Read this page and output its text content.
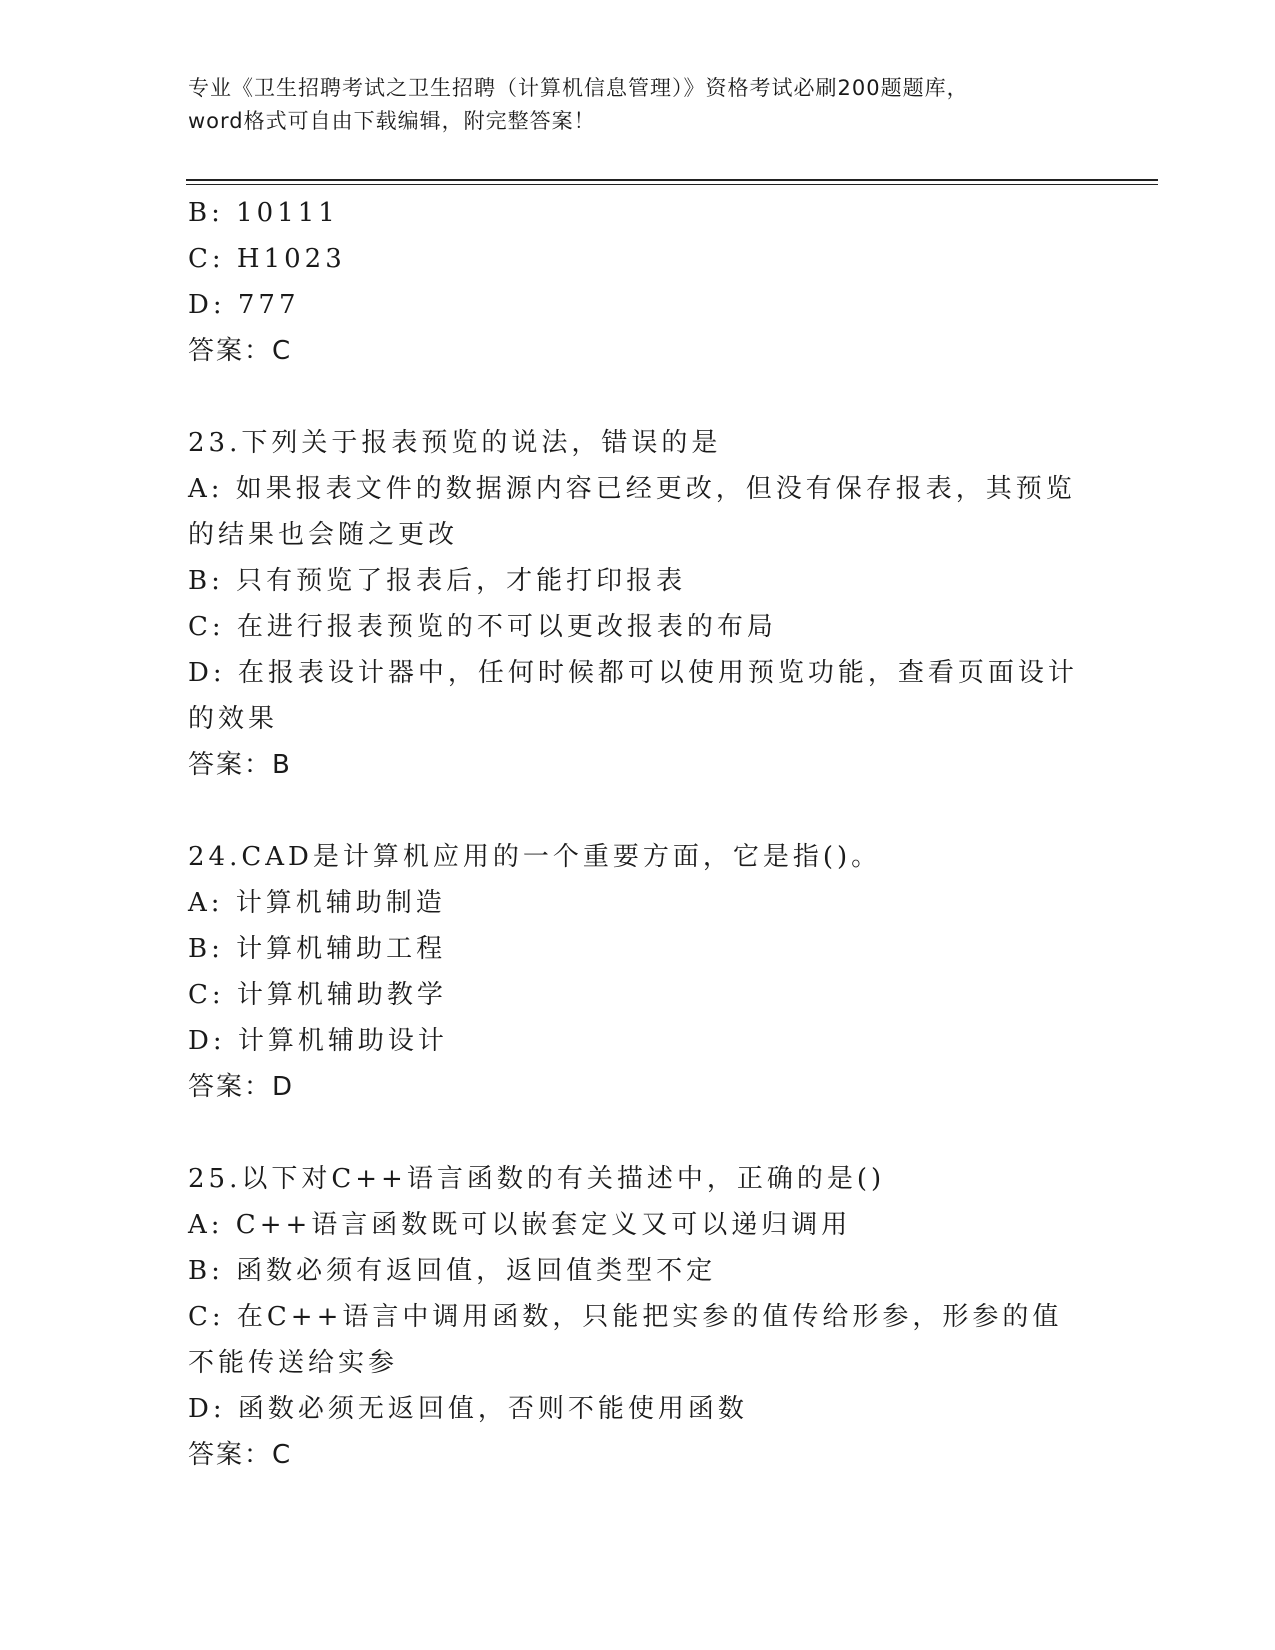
专业《卫生招聘考试之卫生招聘（计算机信息管理）》资格考试必刷200题题库，
word格式可自由下载编辑，附完整答案！
B: 10111
C: H1023
D: 777
答案：C
23.下列关于报表预览的说法，错误的是
A: 如果报表文件的数据源内容已经更改，但没有保存报表，其预览的结果也会随之更改
B: 只有预览了报表后，才能打印报表
C: 在进行报表预览的不可以更改报表的布局
D: 在报表设计器中，任何时候都可以使用预览功能，查看页面设计的效果
答案：B
24.CAD是计算机应用的一个重要方面，它是指()。
A: 计算机辅助制造
B: 计算机辅助工程
C: 计算机辅助教学
D: 计算机辅助设计
答案：D
25.以下对C++语言函数的有关描述中，正确的是()
A: C++语言函数既可以嵌套定义又可以递归调用
B: 函数必须有返回值，返回值类型不定
C: 在C++语言中调用函数，只能把实参的值传给形参，形参的值不能传送给实参
D: 函数必须无返回值，否则不能使用函数
答案：C
